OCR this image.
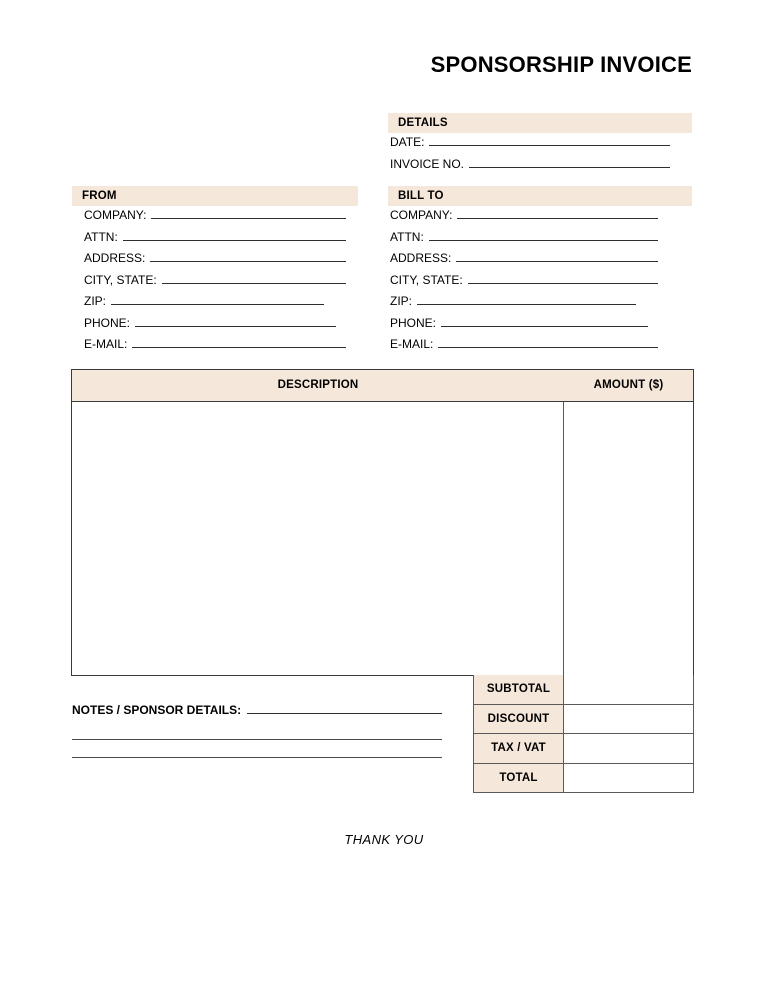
SPONSORSHIP INVOICE
DETAILS
DATE:
INVOICE NO.
FROM
COMPANY:
ATTN:
ADDRESS:
CITY, STATE:
ZIP:
PHONE:
E-MAIL:
BILL TO
COMPANY:
ATTN:
ADDRESS:
CITY, STATE:
ZIP:
PHONE:
E-MAIL:
DESCRIPTION	AMOUNT ($)
SUBTOTAL
DISCOUNT
TAX / VAT
TOTAL
NOTES / SPONSOR DETAILS:
THANK YOU
